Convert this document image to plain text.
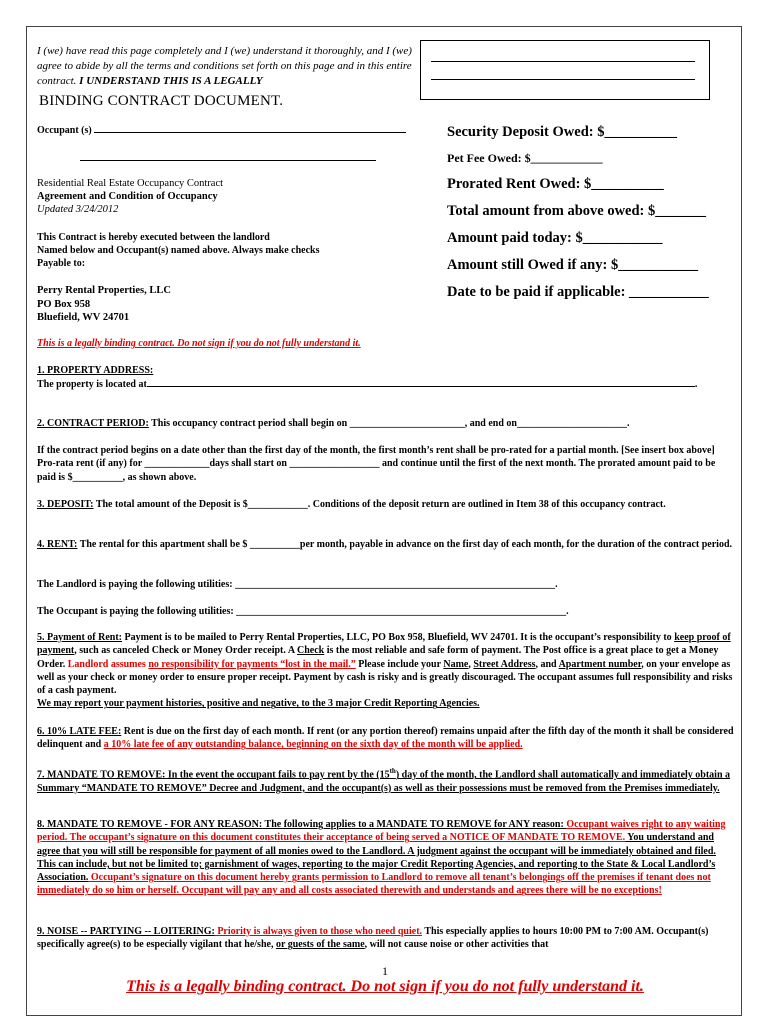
I (we) have read this page completely and I (we) understand it thoroughly, and I (we) agree to abide by all the terms and conditions set forth on this page and in this entire contract. I UNDERSTAND THIS IS A LEGALLY
BINDING CONTRACT DOCUMENT.
Occupant (s)
Residential Real Estate Occupancy Contract
Agreement and Condition of Occupancy
Updated 3/24/2012
This Contract is hereby executed between the landlord
Named below and Occupant(s) named above. Always make checks
Payable to:
Perry Rental Properties, LLC
PO Box 958
Bluefield, WV 24701
Security Deposit Owed: $__________
Pet Fee Owed: $____________
Prorated Rent Owed: $__________
Total amount from above owed: $_______
Amount paid today: $___________
Amount still Owed if any: $___________
Date to be paid if applicable: ___________
This is a legally binding contract. Do not sign if you do not fully understand it.
1. PROPERTY ADDRESS:
The property is located at	.
2. CONTRACT PERIOD: This occupancy contract period shall begin on _______________________, and end on______________________.
If the contract period begins on a date other than the first day of the month, the first month’s rent shall be pro-rated for a partial month. [See insert box above] Pro-rata rent (if any) for _____________days shall start on __________________ and continue until the first of the next month. The prorated amount paid to be paid is $__________, as shown above.
3. DEPOSIT: The total amount of the Deposit is $____________. Conditions of the deposit return are outlined in Item 38 of this occupancy contract.
4. RENT: The rental for this apartment shall be $ __________per month, payable in advance on the first day of each month, for the duration of the contract period.
The Landlord is paying the following utilities: ________________________________________________________________.
The Occupant is paying the following utilities: __________________________________________________________________.
5. Payment of Rent: Payment is to be mailed to Perry Rental Properties, LLC, PO Box 958, Bluefield, WV 24701. It is the occupant’s responsibility to keep proof of payment, such as canceled Check or Money Order receipt. A Check is the most reliable and safe form of payment. The Post office is a great place to get a Money Order. Landlord assumes no responsibility for payments “lost in the mail.” Please include your Name, Street Address, and Apartment number, on your envelope as well as your check or money order to ensure proper receipt. Payment by cash is risky and is greatly discouraged. The occupant assumes full responsibility and risks of a cash payment.
We may report your payment histories, positive and negative, to the 3 major Credit Reporting Agencies.
6. 10% LATE FEE: Rent is due on the first day of each month. If rent (or any portion thereof) remains unpaid after the fifth day of the month it shall be considered delinquent and a 10% late fee of any outstanding balance, beginning on the sixth day of the month will be applied.
7. MANDATE TO REMOVE: In the event the occupant fails to pay rent by the (15th) day of the month, the Landlord shall automatically and immediately obtain a Summary “MANDATE TO REMOVE” Decree and Judgment, and the occupant(s) as well as their possessions must be removed from the Premises immediately.
8. MANDATE TO REMOVE - FOR ANY REASON: The following applies to a MANDATE TO REMOVE for ANY reason: Occupant waives right to any waiting period. The occupant’s signature on this document constitutes their acceptance of being served a NOTICE OF MANDATE TO REMOVE. You understand and agree that you will still be responsible for payment of all monies owed to the Landlord. A judgment against the occupant will be immediately obtained and filed. This can include, but not be limited to; garnishment of wages, reporting to the major Credit Reporting Agencies, and reporting to the State & Local Landlord’s Association. Occupant’s signature on this document hereby grants permission to Landlord to remove all tenant’s belongings off the premises if tenant does not immediately do so him or herself. Occupant will pay any and all costs associated therewith and understands and agrees there will be no exceptions!
9. NOISE -- PARTYING -- LOITERING: Priority is always given to those who need quiet. This especially applies to hours 10:00 PM to 7:00 AM. Occupant(s) specifically agree(s) to be especially vigilant that he/she, or guests of the same, will not cause noise or other activities that
1
This is a legally binding contract. Do not sign if you do not fully understand it.
